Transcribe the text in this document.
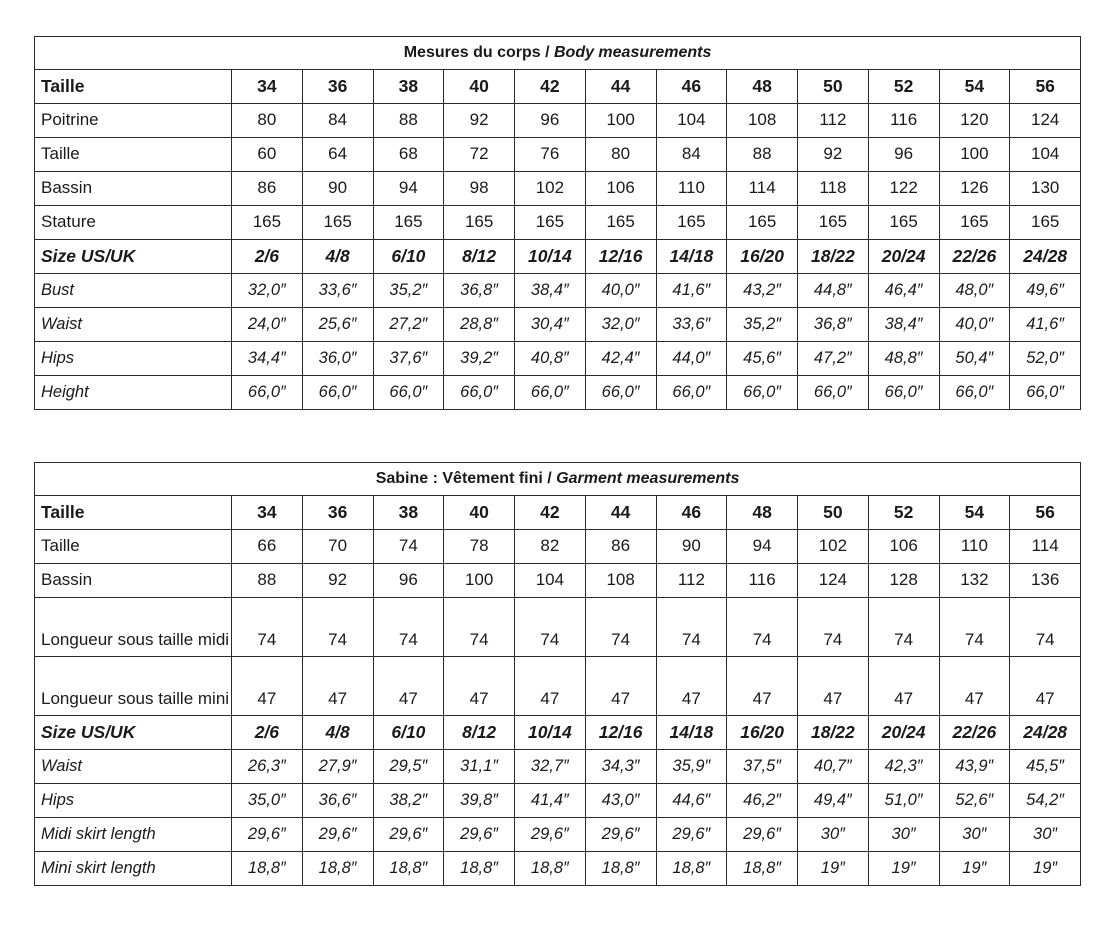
Mesures du corps / Body measurements												
Taille	34	36	38	40	42	44	46	48	50	52	54	56
Poitrine	80	84	88	92	96	100	104	108	112	116	120	124
Taille	60	64	68	72	76	80	84	88	92	96	100	104
Bassin	86	90	94	98	102	106	110	114	118	122	126	130
Stature	165	165	165	165	165	165	165	165	165	165	165	165
Size US/UK	2/6	4/8	6/10	8/12	10/14	12/16	14/18	16/20	18/22	20/24	22/26	24/28
Bust	32,0″	33,6″	35,2″	36,8″	38,4″	40,0″	41,6″	43,2″	44,8″	46,4″	48,0″	49,6″
Waist	24,0″	25,6″	27,2″	28,8″	30,4″	32,0″	33,6″	35,2″	36,8″	38,4″	40,0″	41,6″
Hips	34,4″	36,0″	37,6″	39,2″	40,8″	42,4″	44,0″	45,6″	47,2″	48,8″	50,4″	52,0″
Height	66,0″	66,0″	66,0″	66,0″	66,0″	66,0″	66,0″	66,0″	66,0″	66,0″	66,0″	66,0″
Sabine : Vêtement fini / Garment measurements												
Taille	34	36	38	40	42	44	46	48	50	52	54	56
Taille	66	70	74	78	82	86	90	94	102	106	110	114
Bassin	88	92	96	100	104	108	112	116	124	128	132	136
Longueur sous taille midi	74	74	74	74	74	74	74	74	74	74	74	74
Longueur sous taille mini	47	47	47	47	47	47	47	47	47	47	47	47
Size US/UK	2/6	4/8	6/10	8/12	10/14	12/16	14/18	16/20	18/22	20/24	22/26	24/28
Waist	26,3″	27,9″	29,5″	31,1″	32,7″	34,3″	35,9″	37,5″	40,7″	42,3″	43,9″	45,5″
Hips	35,0″	36,6″	38,2″	39,8″	41,4″	43,0″	44,6″	46,2″	49,4″	51,0″	52,6″	54,2″
Midi skirt length	29,6″	29,6″	29,6″	29,6″	29,6″	29,6″	29,6″	29,6″	30″	30″	30″	30″
Mini skirt length	18,8″	18,8″	18,8″	18,8″	18,8″	18,8″	18,8″	18,8″	19″	19″	19″	19″
